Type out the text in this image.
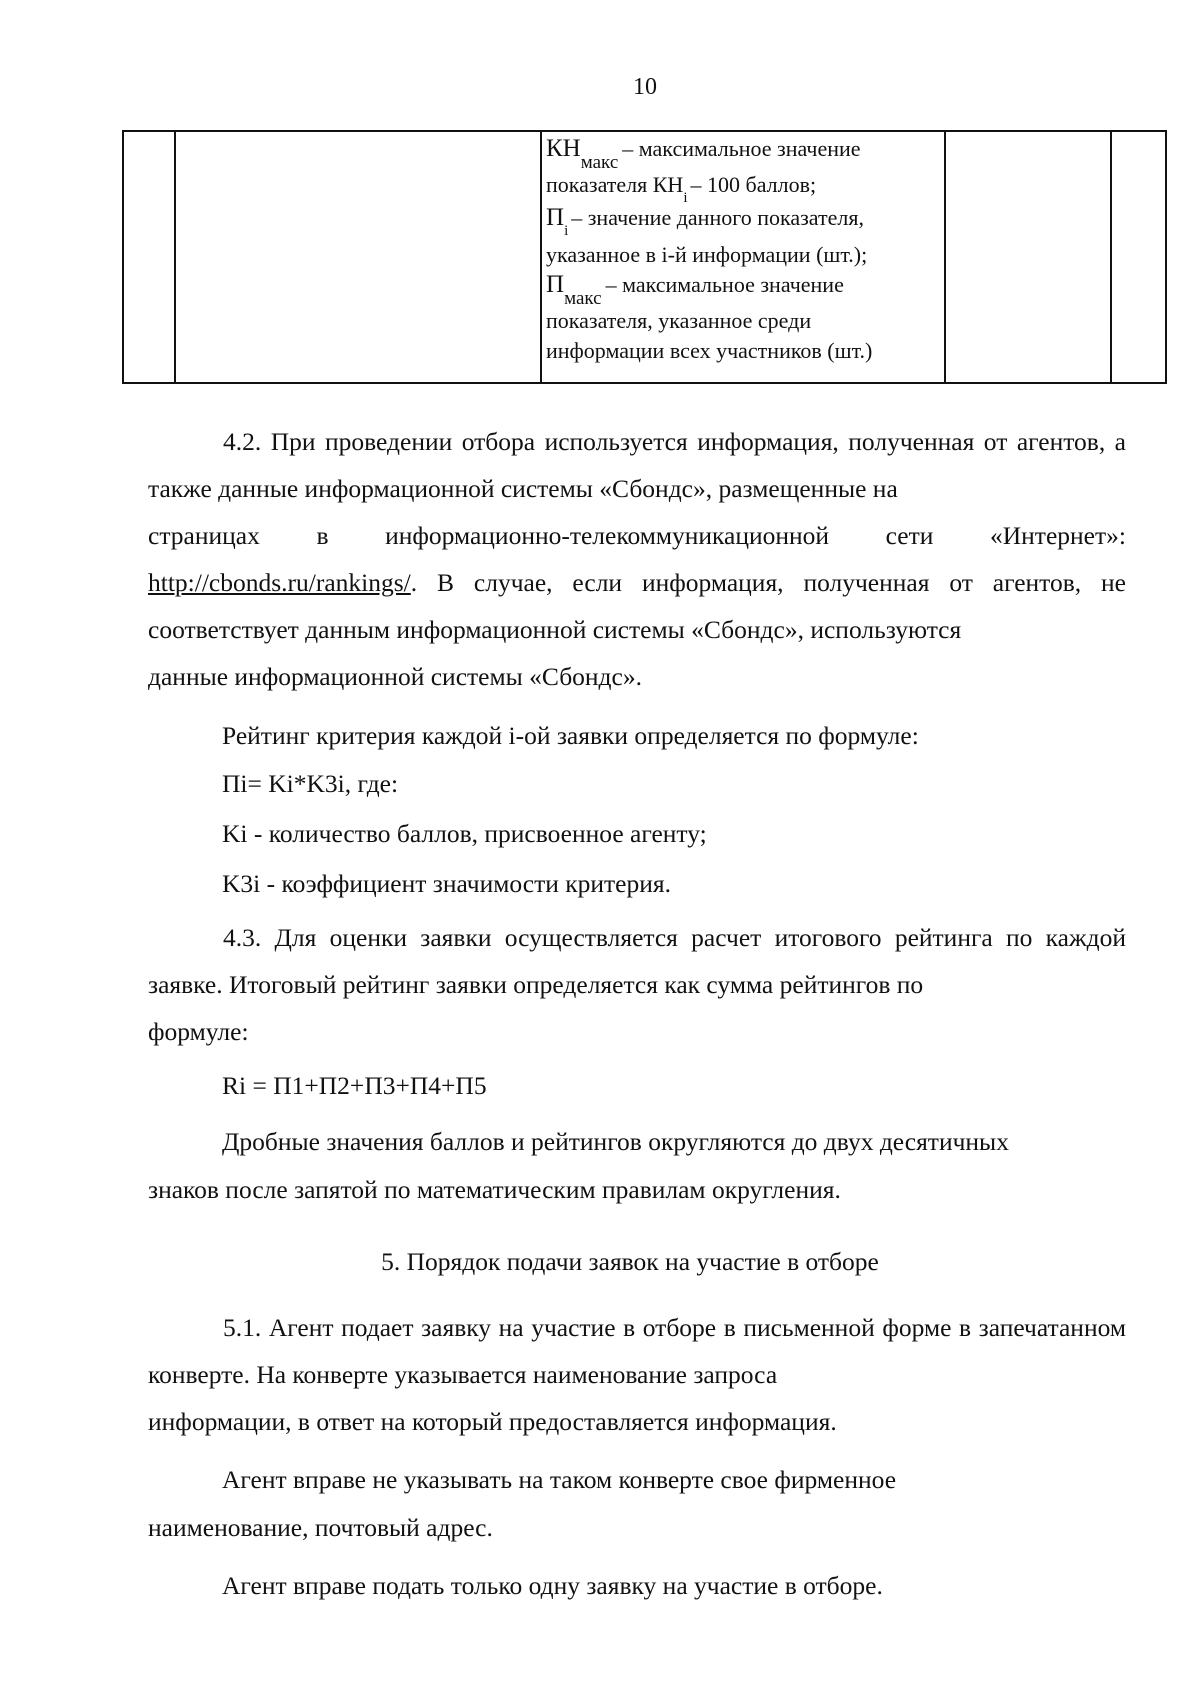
10
КНмакс– максимальное значение
показателя $КН_i-$ 100 баллов;
$П_i-$ значение данного показателя,
указанное в i-й информации (шт.);
Пмакс– максимальное значение
показателя, указанное среди
информации всех участников (шт.)
4.2. При проведении отбора используется информация, полученная от агентов, а также данные информационной системы «Сбондс», размещенные на
страницах в информационно-телекоммуникационной сети «Интернет»:
http://cbonds.ru/rankings/. В случае, если информация, полученная от агентов, не соответствует данным информационной системы «Сбондс», используются

данные информационной системы «Сбондс».

Рейтинг критерия каждой i-ой заявки определяется по формуле:

Пi= Ki*K3i, где:

Ki - количество баллов, присвоенное агенту;

K3i - коэффициент значимости критерия.

4.3. Для оценки заявки осуществляется расчет итогового рейтинга по каждой заявке. Итоговый рейтинг заявки определяется как сумма рейтингов по

формуле:

Ri = П1+П2+П3+П4+П5

Дробные значения баллов и рейтингов округляются до двух десятичных

знаков после запятой по математическим правилам округления.

5. Порядок подачи заявок на участие в отборе
5.1. Агент подает заявку на участие в отборе в письменной форме в запечатанном конверте. На конверте указывается наименование запроса

информации, в ответ на который предоставляется информация.

Агент вправе не указывать на таком конверте свое фирменное

наименование, почтовый адрес.

Агент вправе подать только одну заявку на участие в отборе.
